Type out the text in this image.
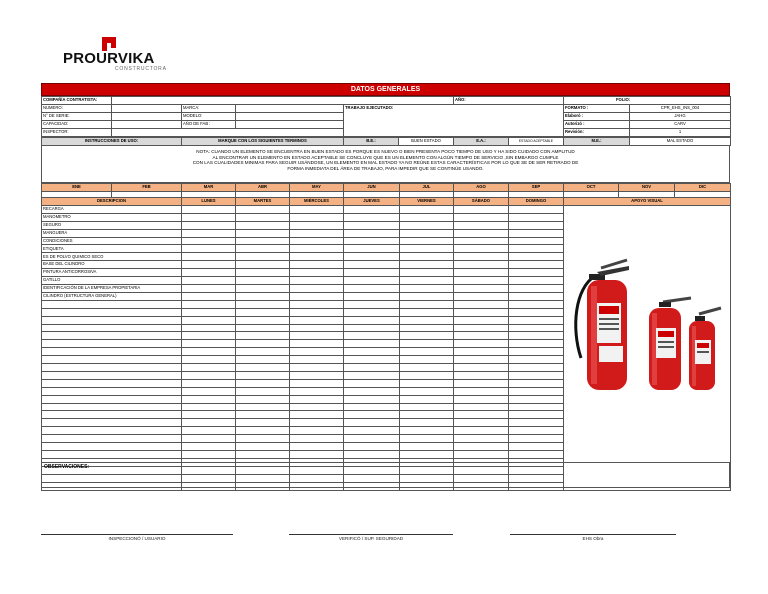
PROURVIKA
CONSTRUCTORA
DATOS GENERALES
COMPAÑÍA CONTRATISTA:					AÑO:	FOLIO:	
NUMERO:		MARCA:		TRABAJO EJECUTADO:		FORMATO :	CPR_EHS_INS_004
N° DE SERIE:		MODELO:				Elaboró :	JAHG
CAPACIDAD:		AÑO DE FAB :				Autorizó :	CARV
INSPECTOR:						Revisión:	1
INSTRUCCIONES DE USO:	MARQUE CON LOS SIGUIENTES TERMINOS	B.E.:	BUEN ESTADO	E.A.:	ESTADO ACEPTABLE	M.E.:	MAL ESTADO
NOTA: CUANDO UN ELEMENTO SE ENCUENTRA EN BUEN ESTADO ES PORQUE ES NUEVO O BIEN PRESENTA POCO TIEMPO DE USO Y HA SIDO CUIDADO CON AMPLITUD
AL ENCONTRAR UN ELEMENTO EN ESTADO ACEPTABLE SE CONCLUYE QUE ES UN ELEMENTO CON ALGÚN TIEMPO DE SERVICIO ,SIN EMBARGO CUMPLE
CON LAS CUALIDADES MINIMAS PARA SEGUIR USÁNDOSE, UN ELEMENTO EN MAL ESTADO YA NO REÚNE ESTAS CARACTERÍSTICAS POR LO QUE SE DE SER RETIRADO DE
FORMA INMEDIATA DEL ÁREA DE TRABAJO, PARA IMPEDIR QUE SE CONTINÚE USANDO.
ENE	FEB	MAR	ABR	MAY	JUN	JUL	AGO	SEP	OCT	NOV	DIC

DESCRIPCION	LUNES	MARTES	MIÉRCOLES	JUEVES	VIERNES	SÁBADO	DOMINGO	APOYO VISUAL
RECARGA								
MANOMETRO								
SEGURO								
MANGUERA								
CONDICIONES								
ETIQUETA								
ES DE POLVO QUIMICO SECO								
BASE DEL CILINDRO								
PINTURA ANTICORROSIVA								
GATILLO								
IDENTIFICACIÓN DE LA EMPRESA PROPIETARIA								
CILINDRO (ESTRUCTURA GENERAL)								

OBSERVACIONES:
INSPECCIONÓ / USUARIO	VERIFICÓ / SUP. SEGURIDAD	EHS Obra
